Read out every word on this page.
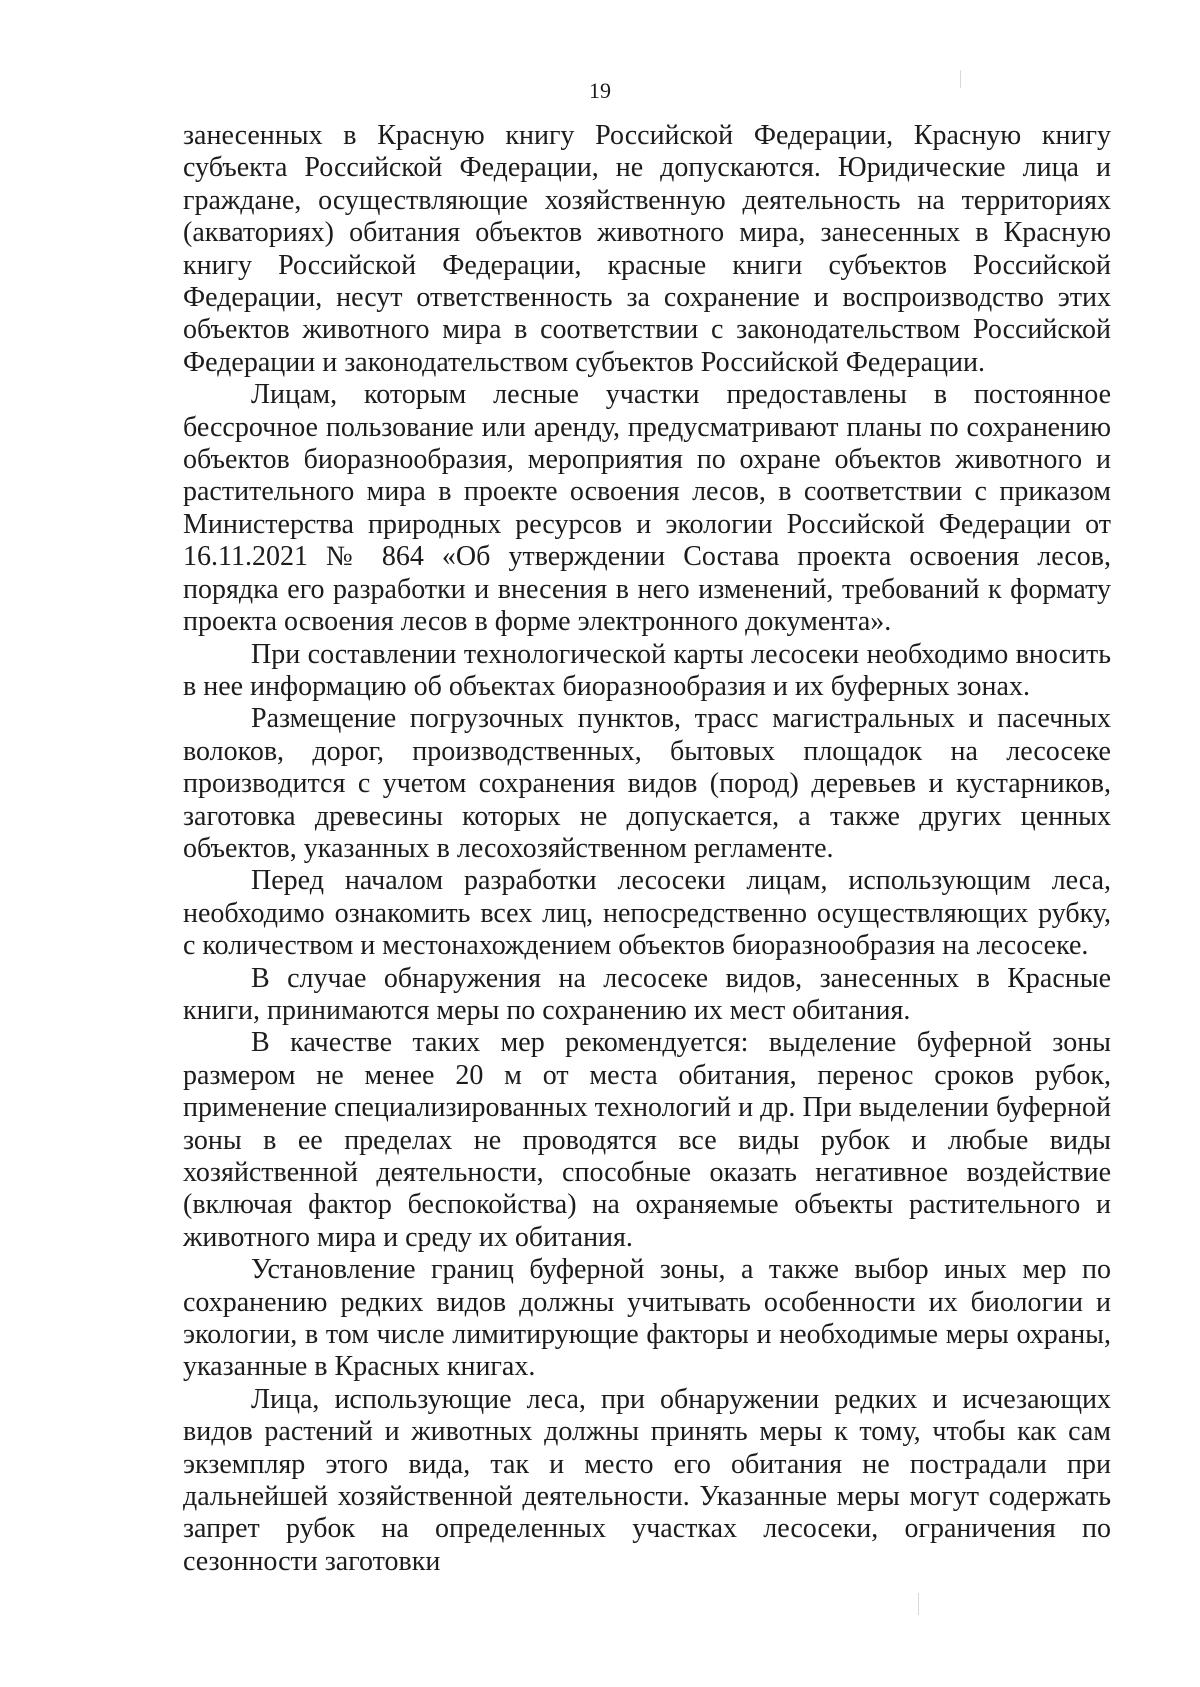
19

занесенных в Красную книгу Российской Федерации, Красную книгу субъекта Российской Федерации, не допускаются. Юридические лица и граждане, осуществляющие хозяйственную деятельность на территориях (акваториях) обитания объектов животного мира, занесенных в Красную книгу Российской Федерации, красные книги субъектов Российской Федерации, несут ответственность за сохранение и воспроизводство этих объектов животного мира в соответствии с законодательством Российской Федерации и законодательством субъектов Российской Федерации.

Лицам, которым лесные участки предоставлены в постоянное бессрочное пользование или аренду, предусматривают планы по сохранению объектов биоразнообразия, мероприятия по охране объектов животного и растительного мира в проекте освоения лесов, в соответствии с приказом Министерства природных ресурсов и экологии Российской Федерации от 16.11.2021 № 864 «Об утверждении Состава проекта освоения лесов, порядка его разработки и внесения в него изменений, требований к формату проекта освоения лесов в форме электронного документа».

При составлении технологической карты лесосеки необходимо вносить в нее информацию об объектах биоразнообразия и их буферных зонах.

Размещение погрузочных пунктов, трасс магистральных и пасечных волоков, дорог, производственных, бытовых площадок на лесосеке производится с учетом сохранения видов (пород) деревьев и кустарников, заготовка древесины которых не допускается, а также других ценных объектов, указанных в лесохозяйственном регламенте.

Перед началом разработки лесосеки лицам, использующим леса, необходимо ознакомить всех лиц, непосредственно осуществляющих рубку, с количеством и местонахождением объектов биоразнообразия на лесосеке.

В случае обнаружения на лесосеке видов, занесенных в Красные книги, принимаются меры по сохранению их мест обитания.

В качестве таких мер рекомендуется: выделение буферной зоны размером не менее 20 м от места обитания, перенос сроков рубок, применение специализированных технологий и др. При выделении буферной зоны в ее пределах не проводятся все виды рубок и любые виды хозяйственной деятельности, способные оказать негативное воздействие (включая фактор беспокойства) на охраняемые объекты растительного и животного мира и среду их обитания.

Установление границ буферной зоны, а также выбор иных мер по сохранению редких видов должны учитывать особенности их биологии и экологии, в том числе лимитирующие факторы и необходимые меры охраны, указанные в Красных книгах.

Лица, использующие леса, при обнаружении редких и исчезающих видов растений и животных должны принять меры к тому, чтобы как сам экземпляр этого вида, так и место его обитания не пострадали при дальнейшей хозяйственной деятельности. Указанные меры могут содержать запрет рубок на определенных участках лесосеки, ограничения по сезонности заготовки
